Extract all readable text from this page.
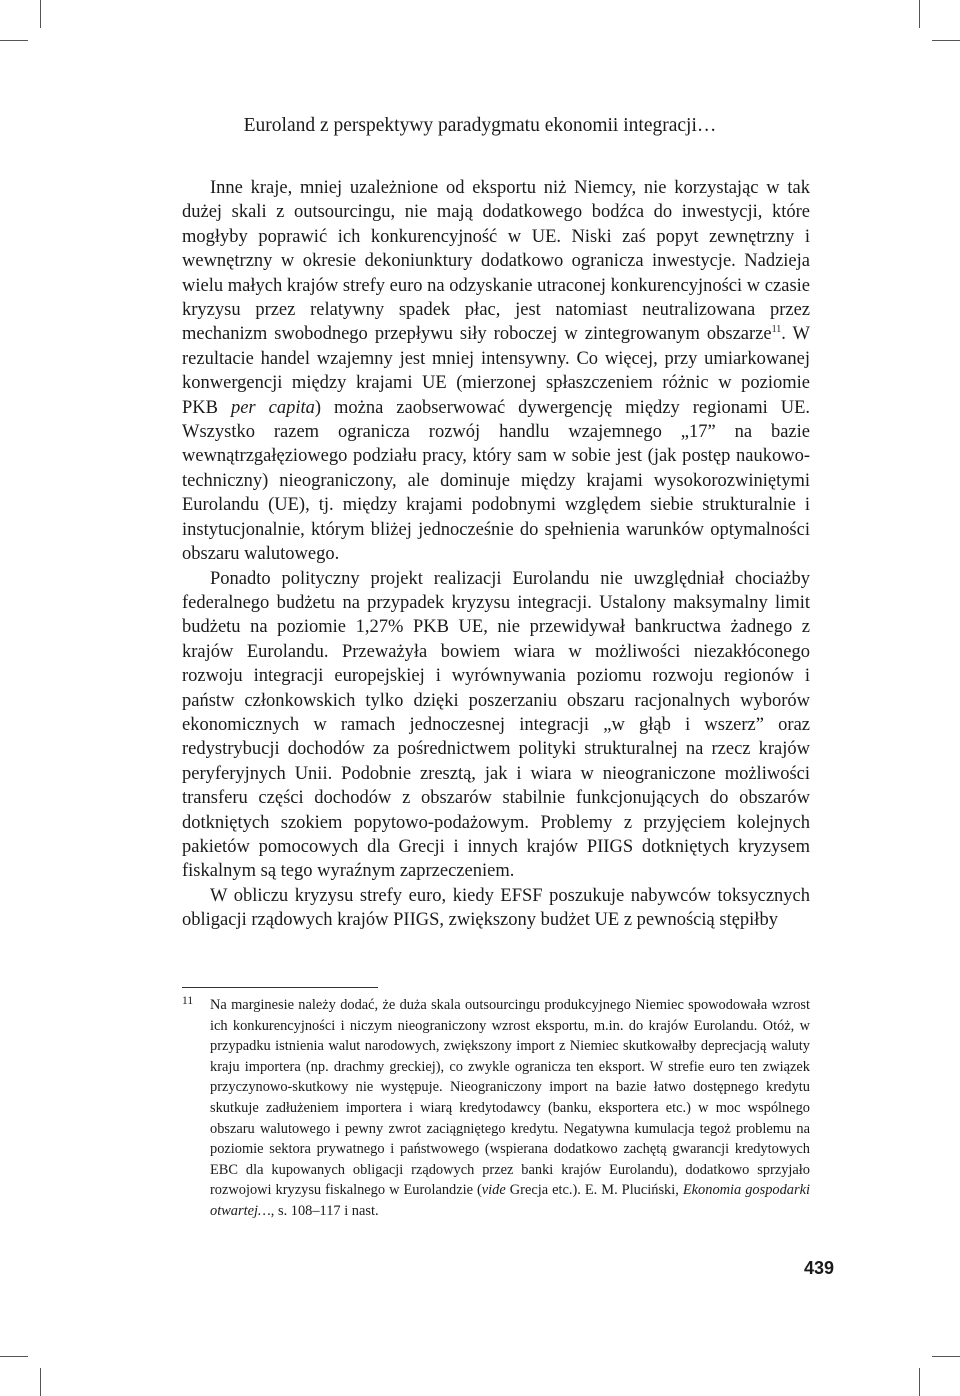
Euroland z perspektywy paradygmatu ekonomii integracji…

Inne kraje, mniej uzależnione od eksportu niż Niemcy, nie korzystając w tak dużej skali z outsourcingu, nie mają dodatkowego bodźca do inwestycji, które mogłyby poprawić ich konkurencyjność w UE. Niski zaś popyt zewnętrzny i wewnętrzny w okresie dekoniunktury dodatkowo ogranicza inwestycje. Nadzieja wielu małych krajów strefy euro na odzyskanie utraconej konkurencyjności w czasie kryzysu przez relatywny spadek płac, jest natomiast neutralizowana przez mechanizm swobodnego przepływu siły roboczej w zintegrowanym obszarze$^{11}$. W rezultacie handel wzajemny jest mniej intensywny. Co więcej, przy umiarkowanej konwergencji między krajami UE (mierzonej spłaszczeniem różnic w poziomie PKB per capita) można zaobserwować dywergencję między regionami UE. Wszystko razem ogranicza rozwój handlu wzajemnego „17” na bazie wewnątrzgałęziowego podziału pracy, który sam w sobie jest (jak postęp naukowo-techniczny) nieograniczony, ale dominuje między krajami wysokorozwiniętymi Eurolandu (UE), tj. między krajami podobnymi względem siebie strukturalnie i instytucjonalnie, którym bliżej jednocześnie do spełnienia warunków optymalności obszaru walutowego.

Ponadto polityczny projekt realizacji Eurolandu nie uwzględniał chociażby federalnego budżetu na przypadek kryzysu integracji. Ustalony maksymalny limit budżetu na poziomie 1,27% PKB UE, nie przewidywał bankructwa żadnego z krajów Eurolandu. Przeważyła bowiem wiara w możliwości niezakłóconego rozwoju integracji europejskiej i wyrównywania poziomu rozwoju regionów i państw członkowskich tylko dzięki poszerzaniu obszaru racjonalnych wyborów ekonomicznych w ramach jednoczesnej integracji „w głąb i wszerz” oraz redystrybucji dochodów za pośrednictwem polityki strukturalnej na rzecz krajów peryferyjnych Unii. Podobnie zresztą, jak i wiara w nieograniczone możliwości transferu części dochodów z obszarów stabilnie funkcjonujących do obszarów dotkniętych szokiem popytowo-podażowym. Problemy z przyjęciem kolejnych pakietów pomocowych dla Grecji i innych krajów PIIGS dotkniętych kryzysem fiskalnym są tego wyraźnym zaprzeczeniem.

W obliczu kryzysu strefy euro, kiedy EFSF poszukuje nabywców toksycznych obligacji rządowych krajów PIIGS, zwiększony budżet UE z pewnością stępiłby

11 Na marginesie należy dodać, że duża skala outsourcingu produkcyjnego Niemiec spowodowała wzrost ich konkurencyjności i niczym nieograniczony wzrost eksportu, m.in. do krajów Eurolandu. Otóż, w przypadku istnienia walut narodowych, zwiększony import z Niemiec skutkowałby deprecjacją waluty kraju importera (np. drachmy greckiej), co zwykle ogranicza ten eksport. W strefie euro ten związek przyczynowo-skutkowy nie występuje. Nieograniczony import na bazie łatwo dostępnego kredytu skutkuje zadłużeniem importera i wiarą kredytodawcy (banku, eksportera etc.) w moc wspólnego obszaru walutowego i pewny zwrot zaciągniętego kredytu. Negatywna kumulacja tegoż problemu na poziomie sektora prywatnego i państwowego (wspierana dodatkowo zachętą gwarancji kredytowych EBC dla kupowanych obligacji rządowych przez banki krajów Eurolandu), dodatkowo sprzyjało rozwojowi kryzysu fiskalnego w Eurolandzie (vide Grecja etc.). E. M. Pluciński, Ekonomia gospodarki otwartej…, s. 108–117 i nast.
439
